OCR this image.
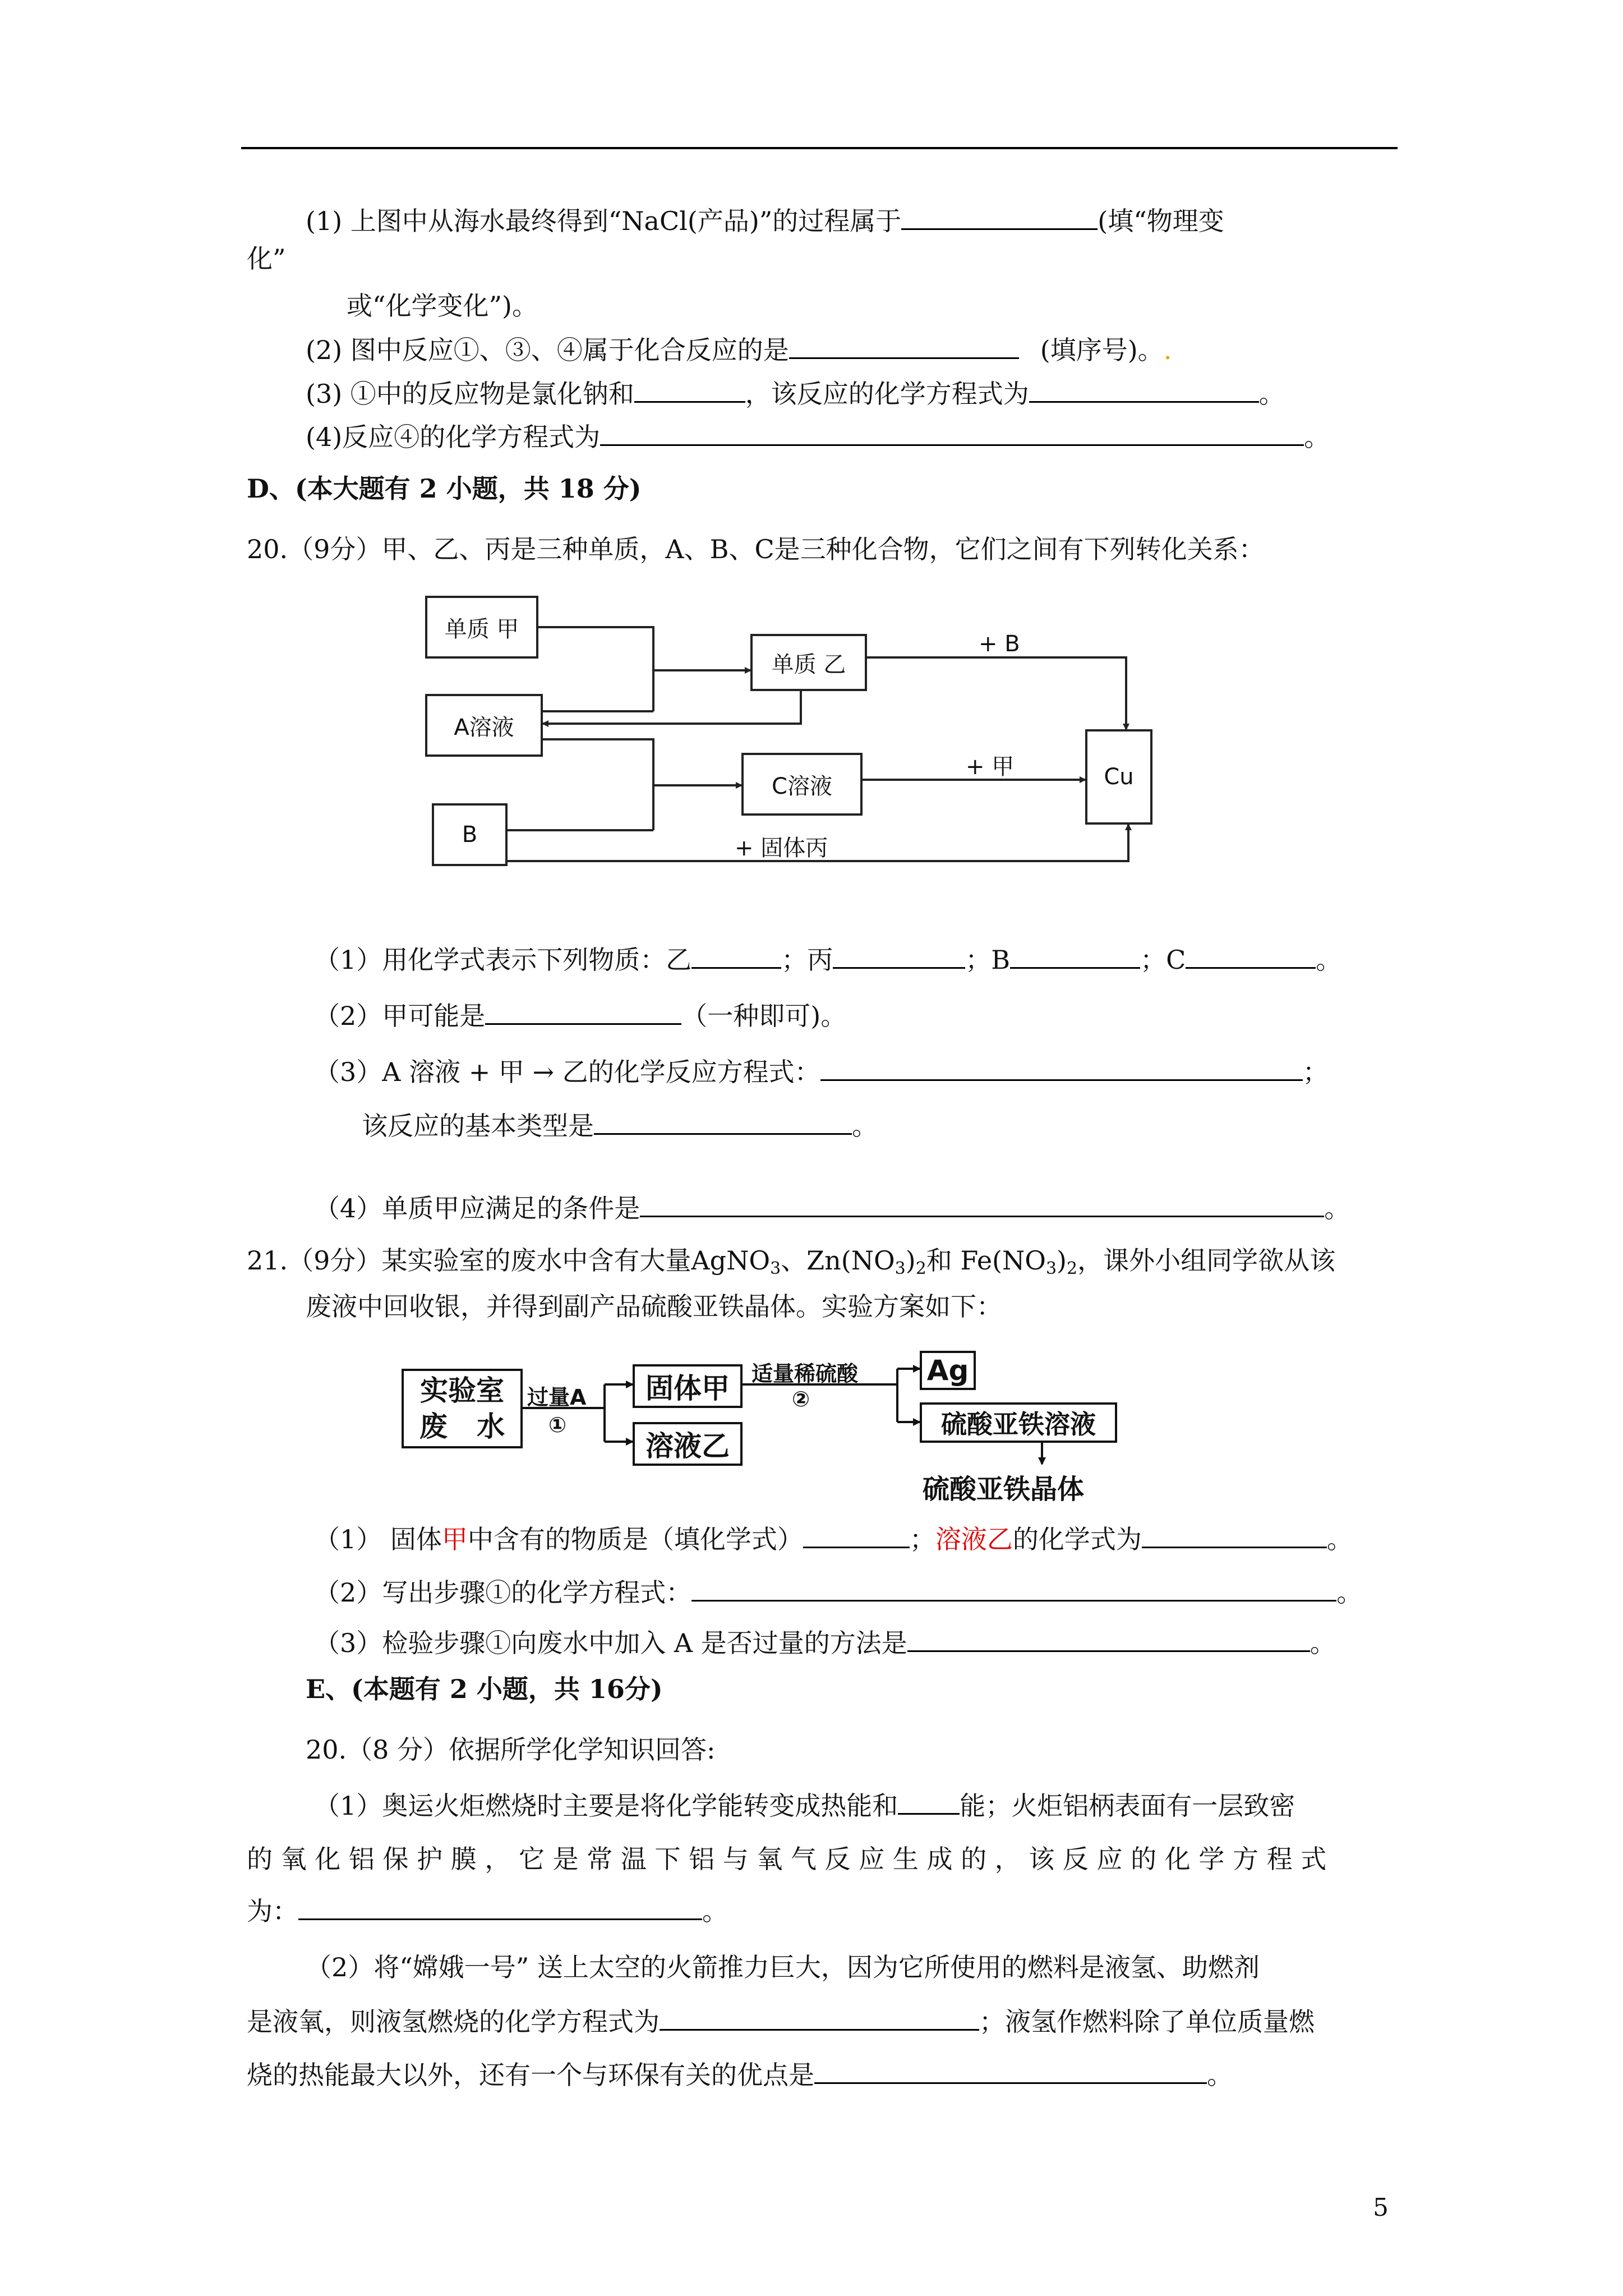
(1) 上图中从海水最终得到“NaCl(产品)”的过程属于	(填“物理变
化”
或“化学变化”)。
(2) 图中反应①、③、④属于化合反应的是	(填序号)。.
(3) ①中的反应物是氯化钠和	，该反应的化学方程式为	。
(4)反应④的化学方程式为	。
D、(本大题有 2 小题，共 18 分)
20.（9分）甲、乙、丙是三种单质，A、B、C是三种化合物，它们之间有下列转化关系：
单质 甲
单质 乙
A溶液
C溶液
B
Cu
+ B
+ 甲
+ 固体丙
（1）用化学式表示下列物质：乙	；丙	；B	；C	。
（2）甲可能是	（一种即可)。
（3）A 溶液 + 甲 → 乙的化学反应方程式：	；
该反应的基本类型是	。
（4）单质甲应满足的条件是	。
21.（9分）某实验室的废水中含有大量AgNO$_3$、$Zn(NO_3)_2$和 $Fe(NO_3)_2$，课外小组同学欲从该
废液中回收银，并得到副产品硫酸亚铁晶体。实验方案如下：
实验室
废   水
过量A
①
固体甲
溶液乙
适量稀硫酸
②
Ag
硫酸亚铁溶液
硫酸亚铁晶体
（1） 固体甲中含有的物质是（填化学式）	；溶液乙的化学式为	。
（2）写出步骤①的化学方程式：	。
（3）检验步骤①向废水中加入 A 是否过量的方法是	。
E、(本题有 2 小题，共 16分)
20.（8 分）依据所学化学知识回答:
（1）奥运火炬燃烧时主要是将化学能转变成热能和 能；火炬铝柄表面有一层致密
的 氧 化 铝 保 护 膜 ， 它 是 常 温 下 铝 与 氧 气 反 应 生 成 的 ， 该 反 应 的 化 学 方 程 式
为：	。
（2）将“嫦娥一号” 送上太空的火箭推力巨大，因为它所使用的燃料是液氢、助燃剂
是液氧，则液氢燃烧的化学方程式为	；液氢作燃料除了单位质量燃
烧的热能最大以外，还有一个与环保有关的优点是	。
5
